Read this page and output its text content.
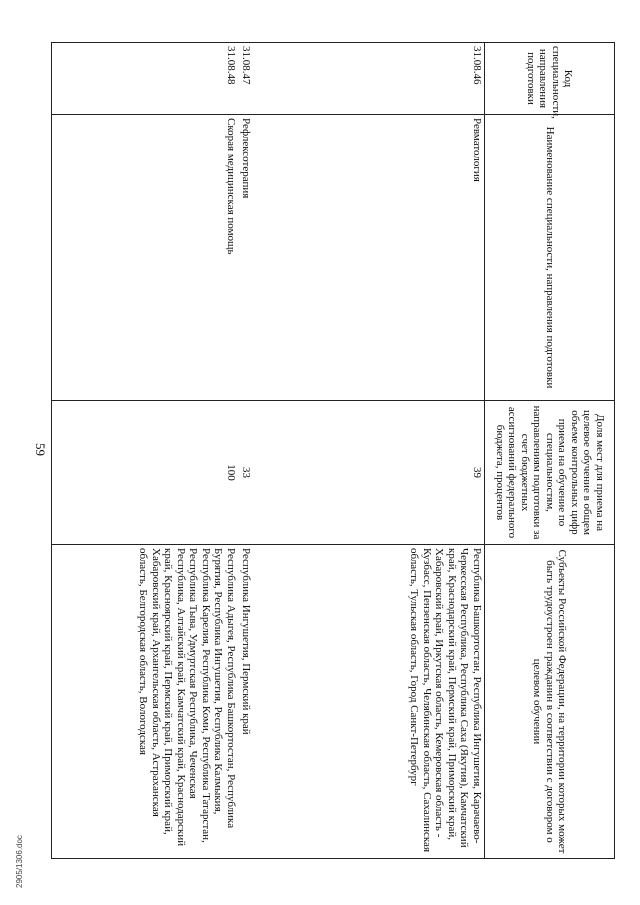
59
2905/1306.doc
Код специальности, направления подготовки	Наименование специальности, направления подготовки	Доля мест для приема на целевое обучение в общем объеме контрольных цифр приема на обучение по специальностям, направлениям подготовки за счет бюджетных ассигнований федерального бюджета, процентов	Субъекты Российской Федерации, на территории которых может быть трудоустроен гражданин в соответствии с договором о целевом обучении
31.08.46	Ревматология	39	Республика Башкортостан, Республика Ингушетия, Карачаево-Черкесская Республика, Республика Саха (Якутия), Камчатский край, Краснодарский край, Пермский край, Приморский край, Хабаровский край, Иркутская область, Кемеровская область - Кузбасс, Пензенская область, Челябинская область, Сахалинская область, Тульская область, Город Санкт-Петербург
31.08.47	Рефлексотерапия	33	Республика Ингушетия, Пермский край
31.08.48	Скорая медицинская помощь	100	Республика Адыгея, Республика Башкортостан, Республика Бурятия, Республика Ингушетия, Республика Калмыкия, Республика Карелия, Республика Коми, Республика Татарстан, Республика Тыва, Удмуртская Республика, Чеченская Республика, Алтайский край, Камчатский край, Краснодарский край, Красноярский край, Пермский край, Приморский край, Хабаровский край, Архангельская область, Астраханская область, Белгородская область, Вологодская
